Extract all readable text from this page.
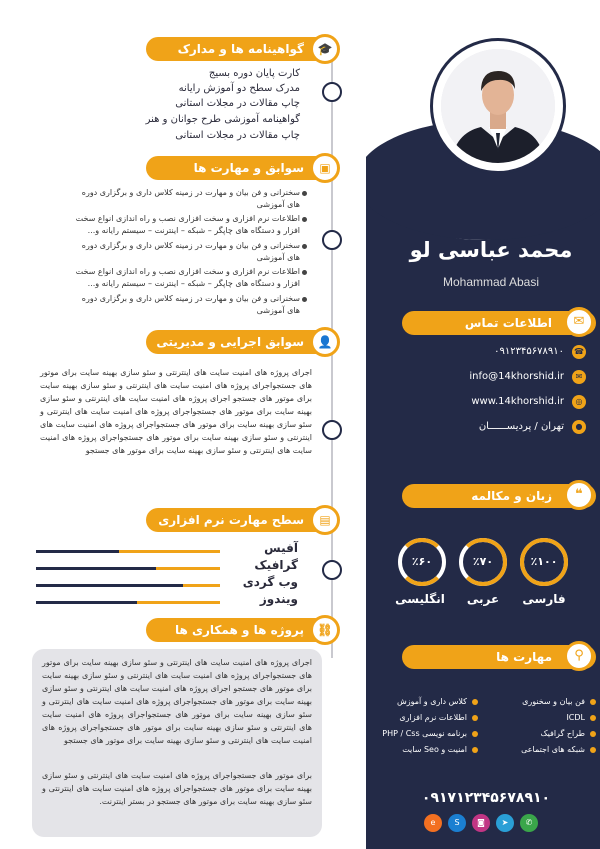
محمد عباسی لو
Mohammad Abasi
اطلاعات تماس	✉
۰۹۱۲۳۴۵۶۷۸۹۱۰ ☎
info@14khorshid.ir	✉
www.14khorshid.ir	◎
تهران / پردیســــــان	●
زبان و مکالمه	❝
٪۱۰۰
فارسی
٪۷۰
عربی
٪۶۰
انگلیسی
مهارت ها	⚲
فن بیان و سخنوری
کلاس داری و آموزش
ICDL
اطلاعات نرم افزاری
طراح گرافیک
برنامه نویسی PHP / Css
شبکه های اجتماعی
امنیت و Seo سایت
۰۹۱۷۱۲۳۴۵۶۷۸۹۱۰
✆
➤
◙
S
e
گواهینامه ها و مدارک	🎓
کارت پایان دوره بسیج
مدرک سطح دو آموزش رایانه
چاپ مقالات در مجلات استانی
گواهینامه آموزشی طرح جوانان و هنر
چاپ مقالات در مجلات استانی
سوابق و مهارت ها	▣
سخنرانی و فن بیان و مهارت در زمینه کلاس داری و برگزاری دوره های آموزشی
اطلاعات نرم افزاری و سخت افزاری نصب و راه اندازی انواع سخت افزار و دستگاه های چاپگر – شبکه – اینترنت – سیستم رایانه و...
سخنرانی و فن بیان و مهارت در زمینه کلاس داری و برگزاری دوره های آموزشی
اطلاعات نرم افزاری و سخت افزاری نصب و راه اندازی انواع سخت افزار و دستگاه های چاپگر – شبکه – اینترنت – سیستم رایانه و...
سخنرانی و فن بیان و مهارت در زمینه کلاس داری و برگزاری دوره های آموزشی
سوابق اجرایی و مدیریتی	👤
اجرای پروژه های امنیت سایت های اینترنتی و سئو سازی بهینه سایت برای موتور های جستجواجرای پروژه های امنیت سایت های اینترنتی و سئو سازی بهینه سایت برای موتور های جستجو اجرای پروژه های امنیت سایت های اینترنتی و سئو سازی بهینه سایت برای موتور های جستجواجرای پروژه های امنیت سایت های اینترنتی و سئو سازی بهینه سایت برای موتور های جستجواجرای پروژه های امنیت سایت های اینترنتی و سئو سازی بهینه سایت برای موتور های جستجواجرای پروژه های امنیت سایت های اینترنتی و سئو سازی بهینه سایت برای موتور های جستجو
سطح مهارت نرم افزاری	▤
آفیس
گرافیک
وب گردی
ویندوز
پروژه ها و همکاری ها	⛓
اجرای پروژه های امنیت سایت های اینترنتی و سئو سازی بهینه سایت برای موتور های جستجواجرای پروژه های امنیت سایت های اینترنتی و سئو سازی بهینه سایت برای موتور های جستجو اجرای پروژه های امنیت سایت های اینترنتی و سئو سازی بهینه سایت برای موتور های جستجواجرای پروژه های امنیت سایت های اینترنتی و سئو سازی بهینه سایت برای موتور های جستجواجرای پروژه های امنیت سایت های اینترنتی و سئو سازی بهینه سایت برای موتور های جستجواجرای پروژه های امنیت سایت های اینترنتی و سئو سازی بهینه سایت برای موتور های جستجو
برای موتور های جستجواجرای پروژه های امنیت سایت های اینترنتی و سئو سازی بهینه سایت برای موتور های جستجواجرای پروژه های امنیت سایت های اینترنتی و سئو سازی بهینه سایت برای موتور های جستجو در بستر اینترنت.
